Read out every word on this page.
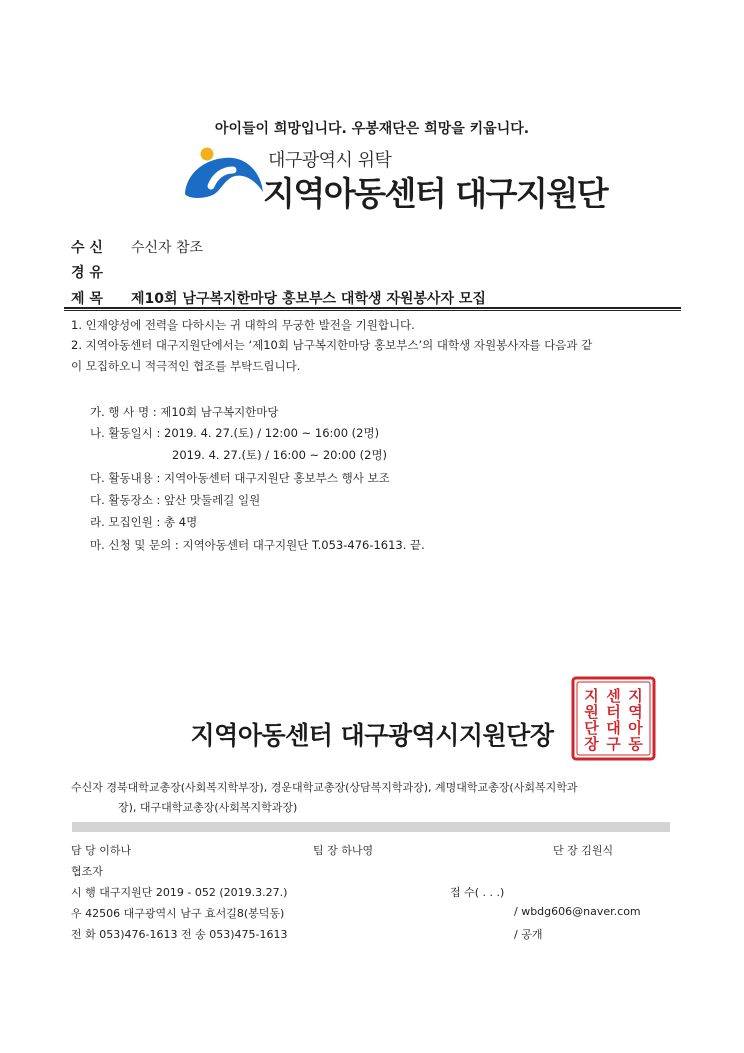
아이들이 희망입니다. 우봉재단은 희망을 키웁니다.
대구광역시 위탁
지역아동센터 대구지원단
수 신 수신자 참조
경 유
제 목 제10회 남구복지한마당 홍보부스 대학생 자원봉사자 모집
1. 인재양성에 전력을 다하시는 귀 대학의 무궁한 발전을 기원합니다.
2. 지역아동센터 대구지원단에서는 ‘제10회 남구복지한마당 홍보부스’의 대학생 자원봉사자를 다음과 같
이 모집하오니 적극적인 협조를 부탁드립니다.
가. 행 사 명 : 제10회 남구복지한마당
나. 활동일시 : 2019. 4. 27.(토) / 12:00 ~ 16:00 (2명)
2019. 4. 27.(토) / 16:00 ~ 20:00 (2명)
다. 활동내용 : 지역아동센터 대구지원단 홍보부스 행사 보조
다. 활동장소 : 앞산 맛둘레길 일원
라. 모집인원 : 총 4명
마. 신청 및 문의 : 지역아동센터 대구지원단 T.053-476-1613. 끝.
지역아동
센터대구
지원단장
지역아동센터 대구광역시지원단장
수신자 경북대학교총장(사회복지학부장), 경운대학교총장(상담복지학과장), 계명대학교총장(사회복지학과
장), 대구대학교총장(사회복지학과장)
담 당 이하나	팀 장 하나영	단 장 김원식
협조자
시 행 대구지원단 2019 - 052 (2019.3.27.)	접 수( . . .)
우 42506 대구광역시 남구 효서길8(봉덕동)	/ wbdg606@naver.com
전 화 053)476-1613 전 송 053)475-1613	/ 공개
